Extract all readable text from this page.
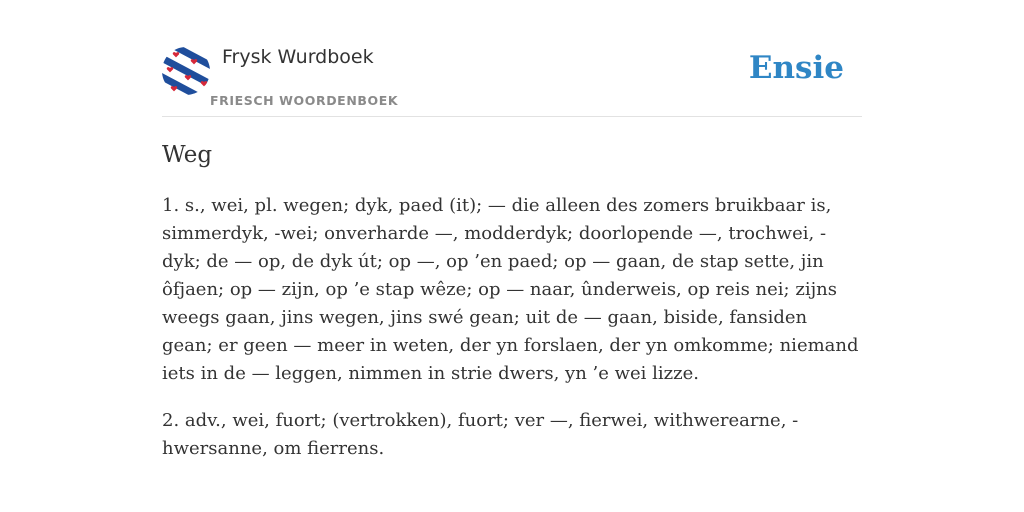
Frysk Wurdboek
FRIESCH WOORDENBOEK
Ensie
Weg

1. s., wei, pl. wegen; dyk, paed (it); — die alleen des zomers bruikbaar is, simmerdyk, -wei; onverharde —, modderdyk; doorlopende —, trochwei, -dyk; de — op, de dyk út; op —, op ’en paed; op — gaan, de stap sette, jin ôfjaen; op — zijn, op ’e stap wêze; op — naar, ûnderweis, op reis nei; zijns weegs gaan, jins wegen, jins swé gean; uit de — gaan, biside, fansiden gean; er geen — meer in weten, der yn forslaen, der yn omkomme; niemand iets in de — leggen, nimmen in strie dwers, yn ’e wei lizze.

2. adv., wei, fuort; (vertrokken), fuort; ver —, fierwei, withwerearne, -hwersanne, om fierrens.
